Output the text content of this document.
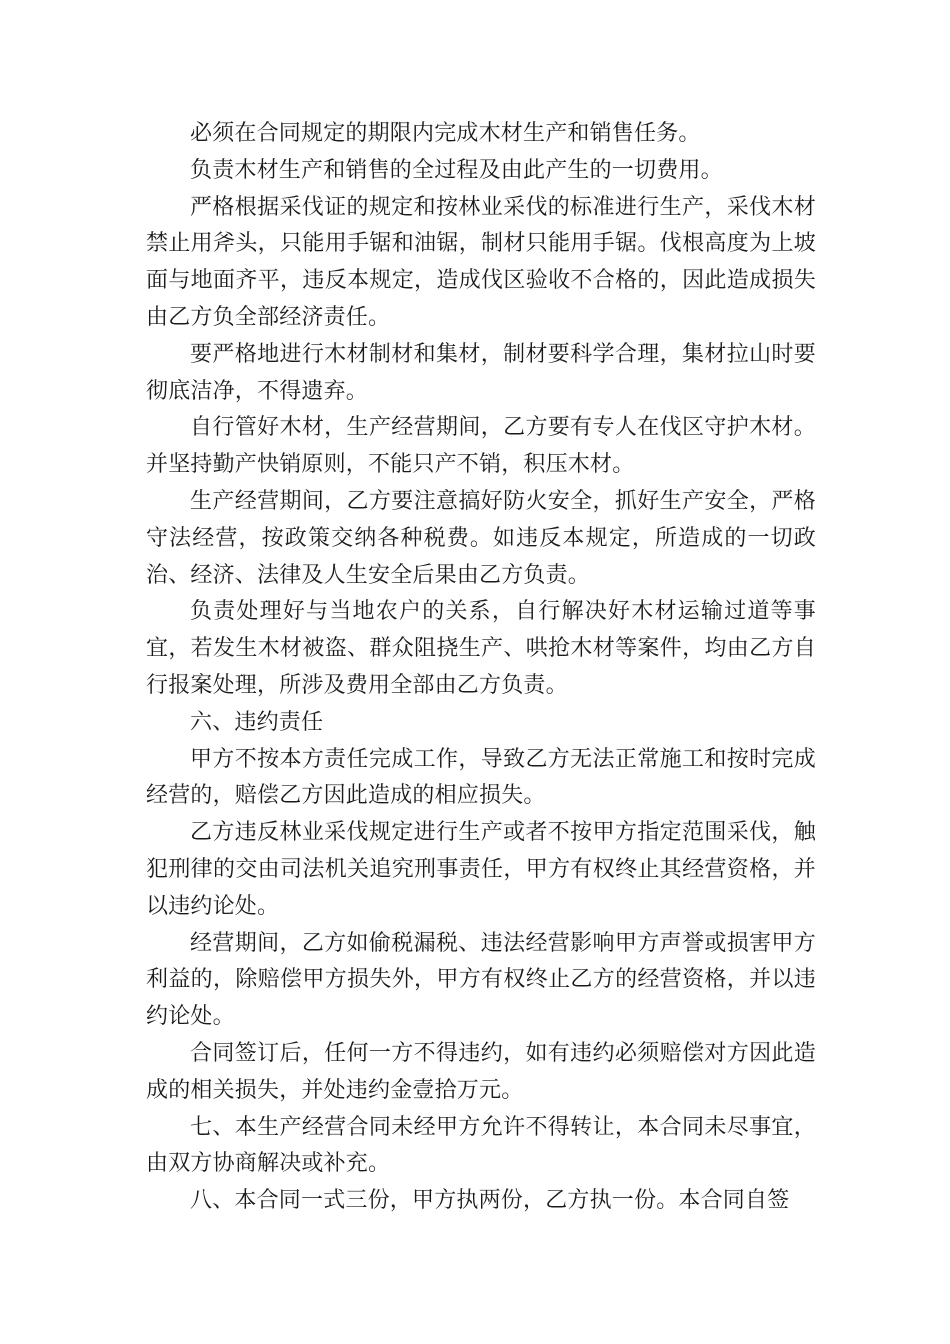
必须在合同规定的期限内完成木材生产和销售任务。

负责木材生产和销售的全过程及由此产生的一切费用。

严格根据采伐证的规定和按林业采伐的标准进行生产，采伐木材禁止用斧头，只能用手锯和油锯，制材只能用手锯。伐根高度为上坡面与地面齐平，违反本规定，造成伐区验收不合格的，因此造成损失由乙方负全部经济责任。

要严格地进行木材制材和集材，制材要科学合理，集材拉山时要彻底洁净，不得遗弃。

自行管好木材，生产经营期间，乙方要有专人在伐区守护木材。并坚持勤产快销原则，不能只产不销，积压木材。

生产经营期间，乙方要注意搞好防火安全，抓好生产安全，严格守法经营，按政策交纳各种税费。如违反本规定，所造成的一切政治、经济、法律及人生安全后果由乙方负责。

负责处理好与当地农户的关系，自行解决好木材运输过道等事宜，若发生木材被盗、群众阻挠生产、哄抢木材等案件，均由乙方自行报案处理，所涉及费用全部由乙方负责。

六、违约责任

甲方不按本方责任完成工作，导致乙方无法正常施工和按时完成经营的，赔偿乙方因此造成的相应损失。

乙方违反林业采伐规定进行生产或者不按甲方指定范围采伐，触犯刑律的交由司法机关追究刑事责任，甲方有权终止其经营资格，并以违约论处。

经营期间，乙方如偷税漏税、违法经营影响甲方声誉或损害甲方利益的，除赔偿甲方损失外，甲方有权终止乙方的经营资格，并以违约论处。

合同签订后，任何一方不得违约，如有违约必须赔偿对方因此造成的相关损失，并处违约金壹拾万元。

七、本生产经营合同未经甲方允许不得转让，本合同未尽事宜，由双方协商解决或补充。

八、本合同一式三份，甲方执两份，乙方执一份。本合同自签
